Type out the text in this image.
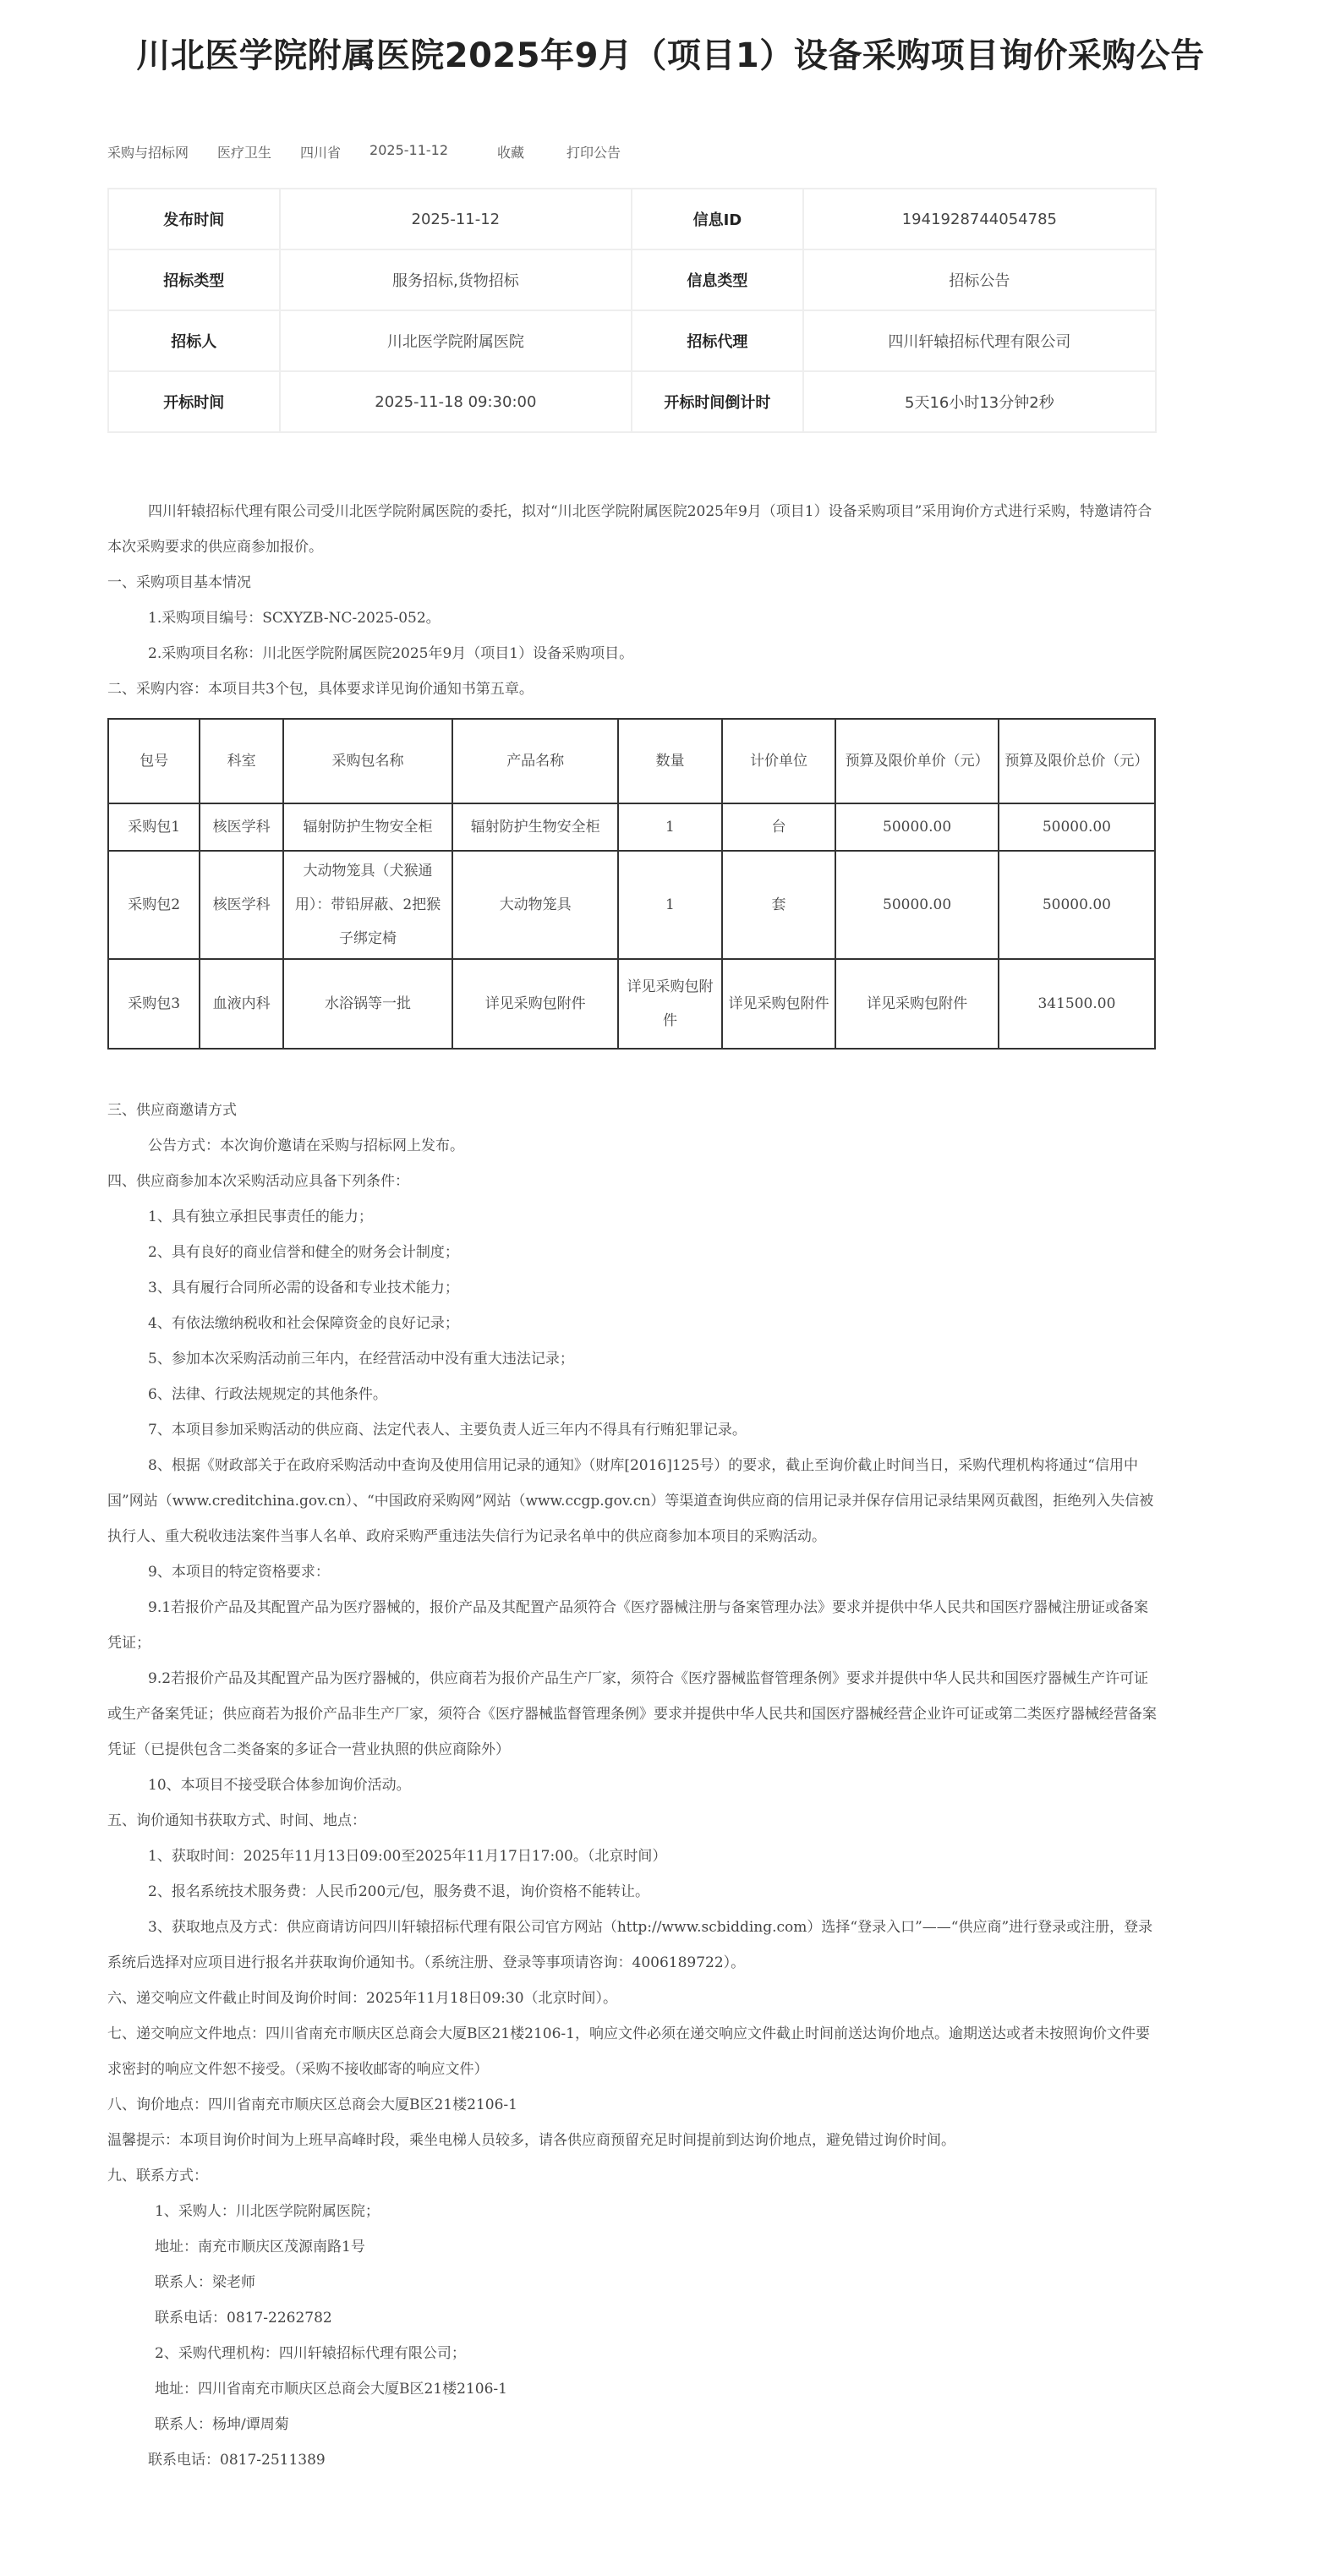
川北医学院附属医院2025年9月（项目1）设备采购项目询价采购公告
采购与招标网 医疗卫生 四川省 2025-11-12	收藏	打印公告
发布时间	2025-11-12	信息ID	1941928744054785
招标类型	服务招标,货物招标	信息类型	招标公告
招标人	川北医学院附属医院	招标代理	四川轩辕招标代理有限公司
开标时间	2025-11-18 09:30:00	开标时间倒计时	5天16小时13分钟2秒

四川轩辕招标代理有限公司受川北医学院附属医院的委托，拟对“川北医学院附属医院2025年9月（项目1）设备采购项目”采用询价方式进行采购，特邀请符合本次采购要求的供应商参加报价。

一、采购项目基本情况

1.采购项目编号：SCXYZB-NC-2025-052。

2.采购项目名称：川北医学院附属医院2025年9月（项目1）设备采购项目。

二、采购内容：本项目共3个包，具体要求详见询价通知书第五章。

包号	科室	采购包名称	产品名称	数量	计价单位	预算及限价单价（元）	预算及限价总价（元）
采购包1	核医学科	辐射防护生物安全柜	辐射防护生物安全柜	1	台	50000.00	50000.00
采购包2	核医学科	大动物笼具（犬猴通用）：带铅屏蔽、2把猴子绑定椅	大动物笼具	1	套	50000.00	50000.00
采购包3	血液内科	水浴锅等一批	详见采购包附件	详见采购包附件	详见采购包附件	详见采购包附件	341500.00

三、供应商邀请方式

公告方式：本次询价邀请在采购与招标网上发布。

四、供应商参加本次采购活动应具备下列条件：

1、具有独立承担民事责任的能力；

2、具有良好的商业信誉和健全的财务会计制度；

3、具有履行合同所必需的设备和专业技术能力；

4、有依法缴纳税收和社会保障资金的良好记录；

5、参加本次采购活动前三年内，在经营活动中没有重大违法记录；

6、法律、行政法规规定的其他条件。

7、本项目参加采购活动的供应商、法定代表人、主要负责人近三年内不得具有行贿犯罪记录。

8、根据《财政部关于在政府采购活动中查询及使用信用记录的通知》（财库[2016]125号）的要求，截止至询价截止时间当日，采购代理机构将通过“信用中国”网站（www.creditchina.gov.cn）、“中国政府采购网”网站（www.ccgp.gov.cn）等渠道查询供应商的信用记录并保存信用记录结果网页截图，拒绝列入失信被执行人、重大税收违法案件当事人名单、政府采购严重违法失信行为记录名单中的供应商参加本项目的采购活动。

9、本项目的特定资格要求：

9.1若报价产品及其配置产品为医疗器械的，报价产品及其配置产品须符合《医疗器械注册与备案管理办法》要求并提供中华人民共和国医疗器械注册证或备案凭证；

9.2若报价产品及其配置产品为医疗器械的，供应商若为报价产品生产厂家，须符合《医疗器械监督管理条例》要求并提供中华人民共和国医疗器械生产许可证或生产备案凭证；供应商若为报价产品非生产厂家，须符合《医疗器械监督管理条例》要求并提供中华人民共和国医疗器械经营企业许可证或第二类医疗器械经营备案凭证（已提供包含二类备案的多证合一营业执照的供应商除外）

10、本项目不接受联合体参加询价活动。

五、询价通知书获取方式、时间、地点：

1、获取时间：2025年11月13日09:00至2025年11月17日17:00。（北京时间）

2、报名系统技术服务费：人民币200元/包，服务费不退，询价资格不能转让。

3、获取地点及方式：供应商请访问四川轩辕招标代理有限公司官方网站（http://www.scbidding.com）选择“登录入口”——“供应商”进行登录或注册，登录系统后选择对应项目进行报名并获取询价通知书。（系统注册、登录等事项请咨询：4006189722）。

六、递交响应文件截止时间及询价时间：2025年11月18日09:30（北京时间）。

七、递交响应文件地点：四川省南充市顺庆区总商会大厦B区21楼2106-1，响应文件必须在递交响应文件截止时间前送达询价地点。逾期送达或者未按照询价文件要求密封的响应文件恕不接受。（采购不接收邮寄的响应文件）

八、询价地点：四川省南充市顺庆区总商会大厦B区21楼2106-1

温馨提示：本项目询价时间为上班早高峰时段，乘坐电梯人员较多，请各供应商预留充足时间提前到达询价地点，避免错过询价时间。

九、联系方式：

1、采购人：川北医学院附属医院；

地址：南充市顺庆区茂源南路1号

联系人：梁老师

联系电话：0817-2262782

2、采购代理机构：四川轩辕招标代理有限公司；

地址：四川省南充市顺庆区总商会大厦B区21楼2106-1

联系人：杨坤/谭周菊

联系电话：0817-2511389
